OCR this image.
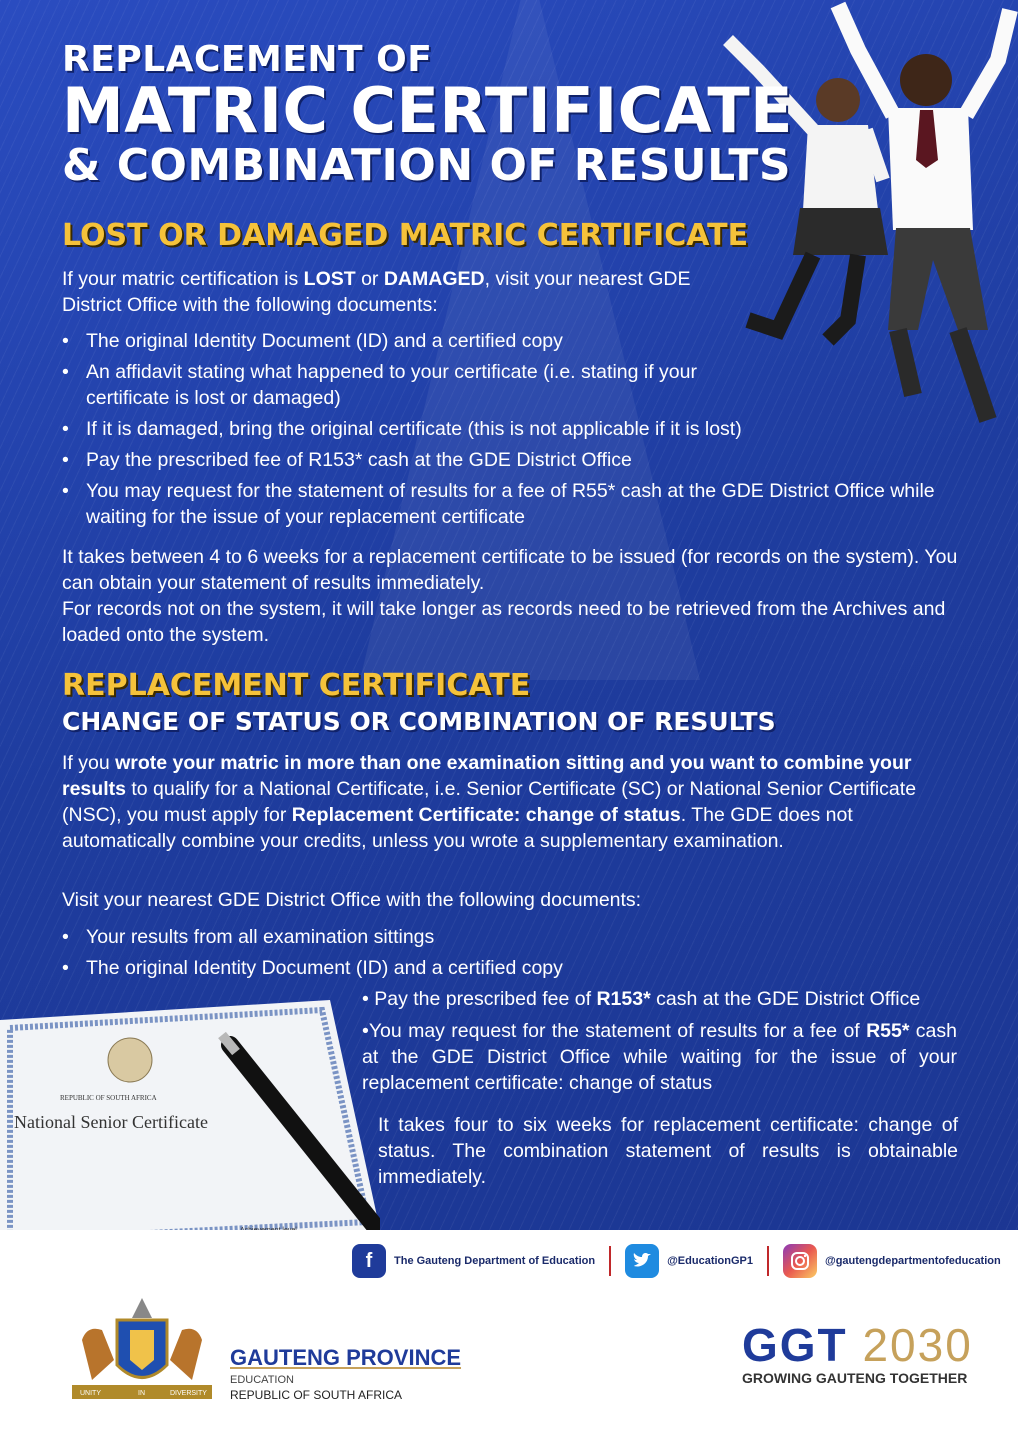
REPLACEMENT OF
MATRIC CERTIFICATE
& COMBINATION OF RESULTS
LOST OR DAMAGED MATRIC CERTIFICATE
If your matric certification is LOST or DAMAGED, visit your nearest GDE District Office with the following documents:
• The original Identity Document (ID) and a certified copy
• An affidavit stating what happened to your certificate (i.e. stating if your certificate is lost or damaged)
• If it is damaged, bring the original certificate (this is not applicable if it is lost)
• Pay the prescribed fee of R153* cash at the GDE District Office
• You may request for the statement of results for a fee of R55* cash at the GDE District Office while waiting for the issue of your replacement certificate
It takes between 4 to 6 weeks for a replacement certificate to be issued (for records on the system). You can obtain your statement of results immediately.
For records not on the system, it will take longer as records need to be retrieved from the Archives and loaded onto the system.
REPLACEMENT CERTIFICATE
CHANGE OF STATUS OR COMBINATION OF RESULTS
If you wrote your matric in more than one examination sitting and you want to combine your results to qualify for a National Certificate, i.e. Senior Certificate (SC) or National Senior Certificate (NSC), you must apply for Replacement Certificate: change of status. The GDE does not automatically combine your credits, unless you wrote a supplementary examination.
Visit your nearest GDE District Office with the following documents:
• Your results from all examination sittings
• The original Identity Document (ID) and a certified copy
REPUBLIC OF SOUTH AFRICA
National Senior Certificate
• Pay the prescribed fee of R153* cash at the GDE District Office
•You may request for the statement of results for a fee of R55* cash at the GDE District Office while waiting for the issue of your replacement certificate: change of status
It takes four to six weeks for replacement certificate: change of status. The combination statement of results is obtainable immediately.
f	The Gauteng Department of Education	@EducationGP1	@gautengdepartmentofeducation
UNITY	IN	DIVERSITY
GAUTENG PROVINCE
EDUCATION
REPUBLIC OF SOUTH AFRICA
GGT 2030
GROWING GAUTENG TOGETHER
